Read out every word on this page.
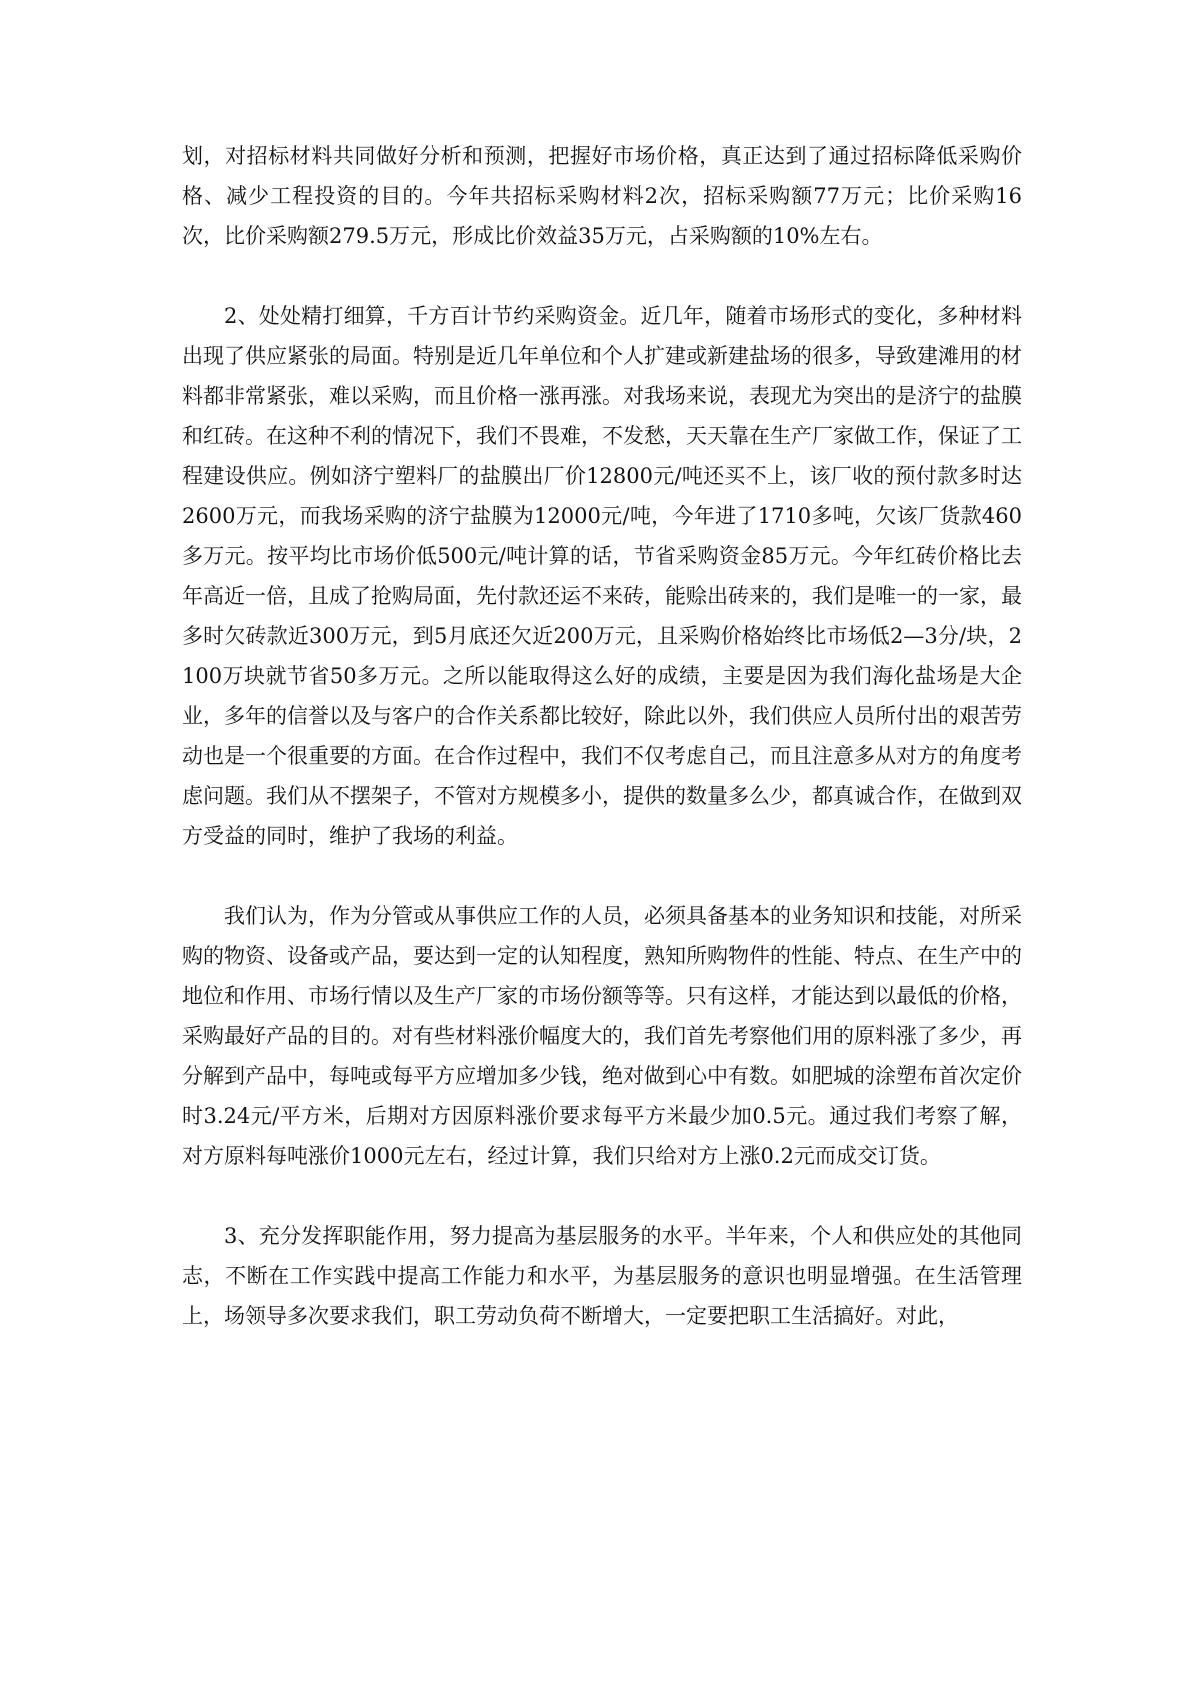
划，对招标材料共同做好分析和预测，把握好市场价格，真正达到了通过招标降低采购价格、减少工程投资的目的。今年共招标采购材料2次，招标采购额77万元；比价采购16次，比价采购额279.5万元，形成比价效益35万元，占采购额的10%左右。

2、处处精打细算，千方百计节约采购资金。近几年，随着市场形式的变化，多种材料出现了供应紧张的局面。特别是近几年单位和个人扩建或新建盐场的很多，导致建滩用的材料都非常紧张，难以采购，而且价格一涨再涨。对我场来说，表现尤为突出的是济宁的盐膜和红砖。在这种不利的情况下，我们不畏难，不发愁，天天靠在生产厂家做工作，保证了工程建设供应。例如济宁塑料厂的盐膜出厂价12800元/吨还买不上，该厂收的预付款多时达2600万元，而我场采购的济宁盐膜为12000元/吨，今年进了1710多吨，欠该厂货款460多万元。按平均比市场价低500元/吨计算的话，节省采购资金85万元。今年红砖价格比去年高近一倍，且成了抢购局面，先付款还运不来砖，能赊出砖来的，我们是唯一的一家，最多时欠砖款近300万元，到5月底还欠近200万元，且采购价格始终比市场低2—3分/块，2100万块就节省50多万元。之所以能取得这么好的成绩，主要是因为我们海化盐场是大企业，多年的信誉以及与客户的合作关系都比较好，除此以外，我们供应人员所付出的艰苦劳动也是一个很重要的方面。在合作过程中，我们不仅考虑自己，而且注意多从对方的角度考虑问题。我们从不摆架子，不管对方规模多小，提供的数量多么少，都真诚合作，在做到双方受益的同时，维护了我场的利益。

我们认为，作为分管或从事供应工作的人员，必须具备基本的业务知识和技能，对所采购的物资、设备或产品，要达到一定的认知程度，熟知所购物件的性能、特点、在生产中的地位和作用、市场行情以及生产厂家的市场份额等等。只有这样，才能达到以最低的价格，采购最好产品的目的。对有些材料涨价幅度大的，我们首先考察他们用的原料涨了多少，再分解到产品中，每吨或每平方应增加多少钱，绝对做到心中有数。如肥城的涂塑布首次定价时3.24元/平方米，后期对方因原料涨价要求每平方米最少加0.5元。通过我们考察了解，对方原料每吨涨价1000元左右，经过计算，我们只给对方上涨0.2元而成交订货。

3、充分发挥职能作用，努力提高为基层服务的水平。半年来，个人和供应处的其他同志，不断在工作实践中提高工作能力和水平，为基层服务的意识也明显增强。在生活管理上，场领导多次要求我们，职工劳动负荷不断增大，一定要把职工生活搞好。对此，
